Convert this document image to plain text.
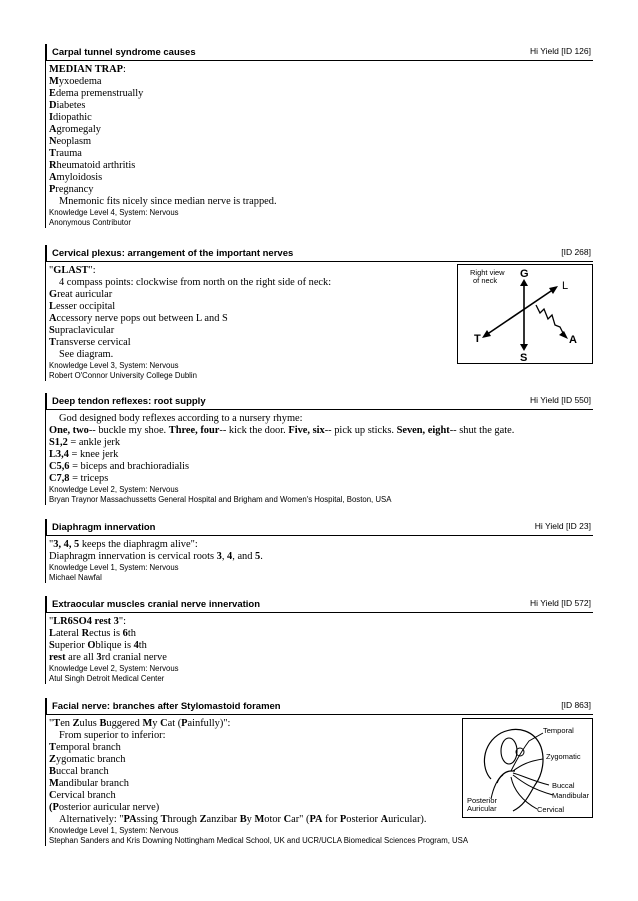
Carpal tunnel syndrome causes	Hi Yield [ID 126]
MEDIAN TRAP:
Myxoedema
Edema premenstrually
Diabetes
Idiopathic
Agromegaly
Neoplasm
Trauma
Rheumatoid arthritis
Amyloidosis
Pregnancy
Mnemonic fits nicely since median nerve is trapped.
Knowledge Level 4, System: Nervous
Anonymous Contributor
Cervical plexus: arrangement of the important nerves	[ID 268]
"GLAST":
4 compass points: clockwise from north on the right side of neck:
Great auricular
Lesser occipital
Accessory nerve pops out between L and S
Supraclavicular
Transverse cervical
See diagram.
Knowledge Level 3, System: Nervous
Robert O'Connor University College Dublin
Right view
of neck
G
L
A
S
T
Deep tendon reflexes: root supply	Hi Yield [ID 550]
God designed body reflexes according to a nursery rhyme:
One, two-- buckle my shoe. Three, four-- kick the door. Five, six-- pick up sticks. Seven, eight-- shut the gate.
S1,2 = ankle jerk
L3,4 = knee jerk
C5,6 = biceps and brachioradialis
C7,8 = triceps
Knowledge Level 2, System: Nervous
Bryan Traynor Massachussetts General Hospital and Brigham and Women's Hospital, Boston, USA
Diaphragm innervation	Hi Yield [ID 23]
"3, 4, 5 keeps the diaphragm alive":
Diaphragm innervation is cervical roots 3, 4, and 5.
Knowledge Level 1, System: Nervous
Michael Nawfal
Extraocular muscles cranial nerve innervation	Hi Yield [ID 572]
"LR6SO4 rest 3":
Lateral Rectus is 6th
Superior Oblique is 4th
rest are all 3rd cranial nerve
Knowledge Level 2, System: Nervous
Atul Singh Detroit Medical Center
Facial nerve: branches after Stylomastoid foramen	[ID 863]
"Ten Zulus Buggered My Cat (Painfully)":
From superior to inferior:
Temporal branch
Zygomatic branch
Buccal branch
Mandibular branch
Cervical branch
(Posterior auricular nerve)
Alternatively: "PAssing Through Zanzibar By Motor Car" (PA for Posterior Auricular).
Knowledge Level 1, System: Nervous
Stephan Sanders and Kris Downing Nottingham Medical School, UK and UCR/UCLA Biomedical Sciences Program, USA
Temporal
Zygomatic
Buccal
Mandibular
Cervical
Posterior
Auricular
